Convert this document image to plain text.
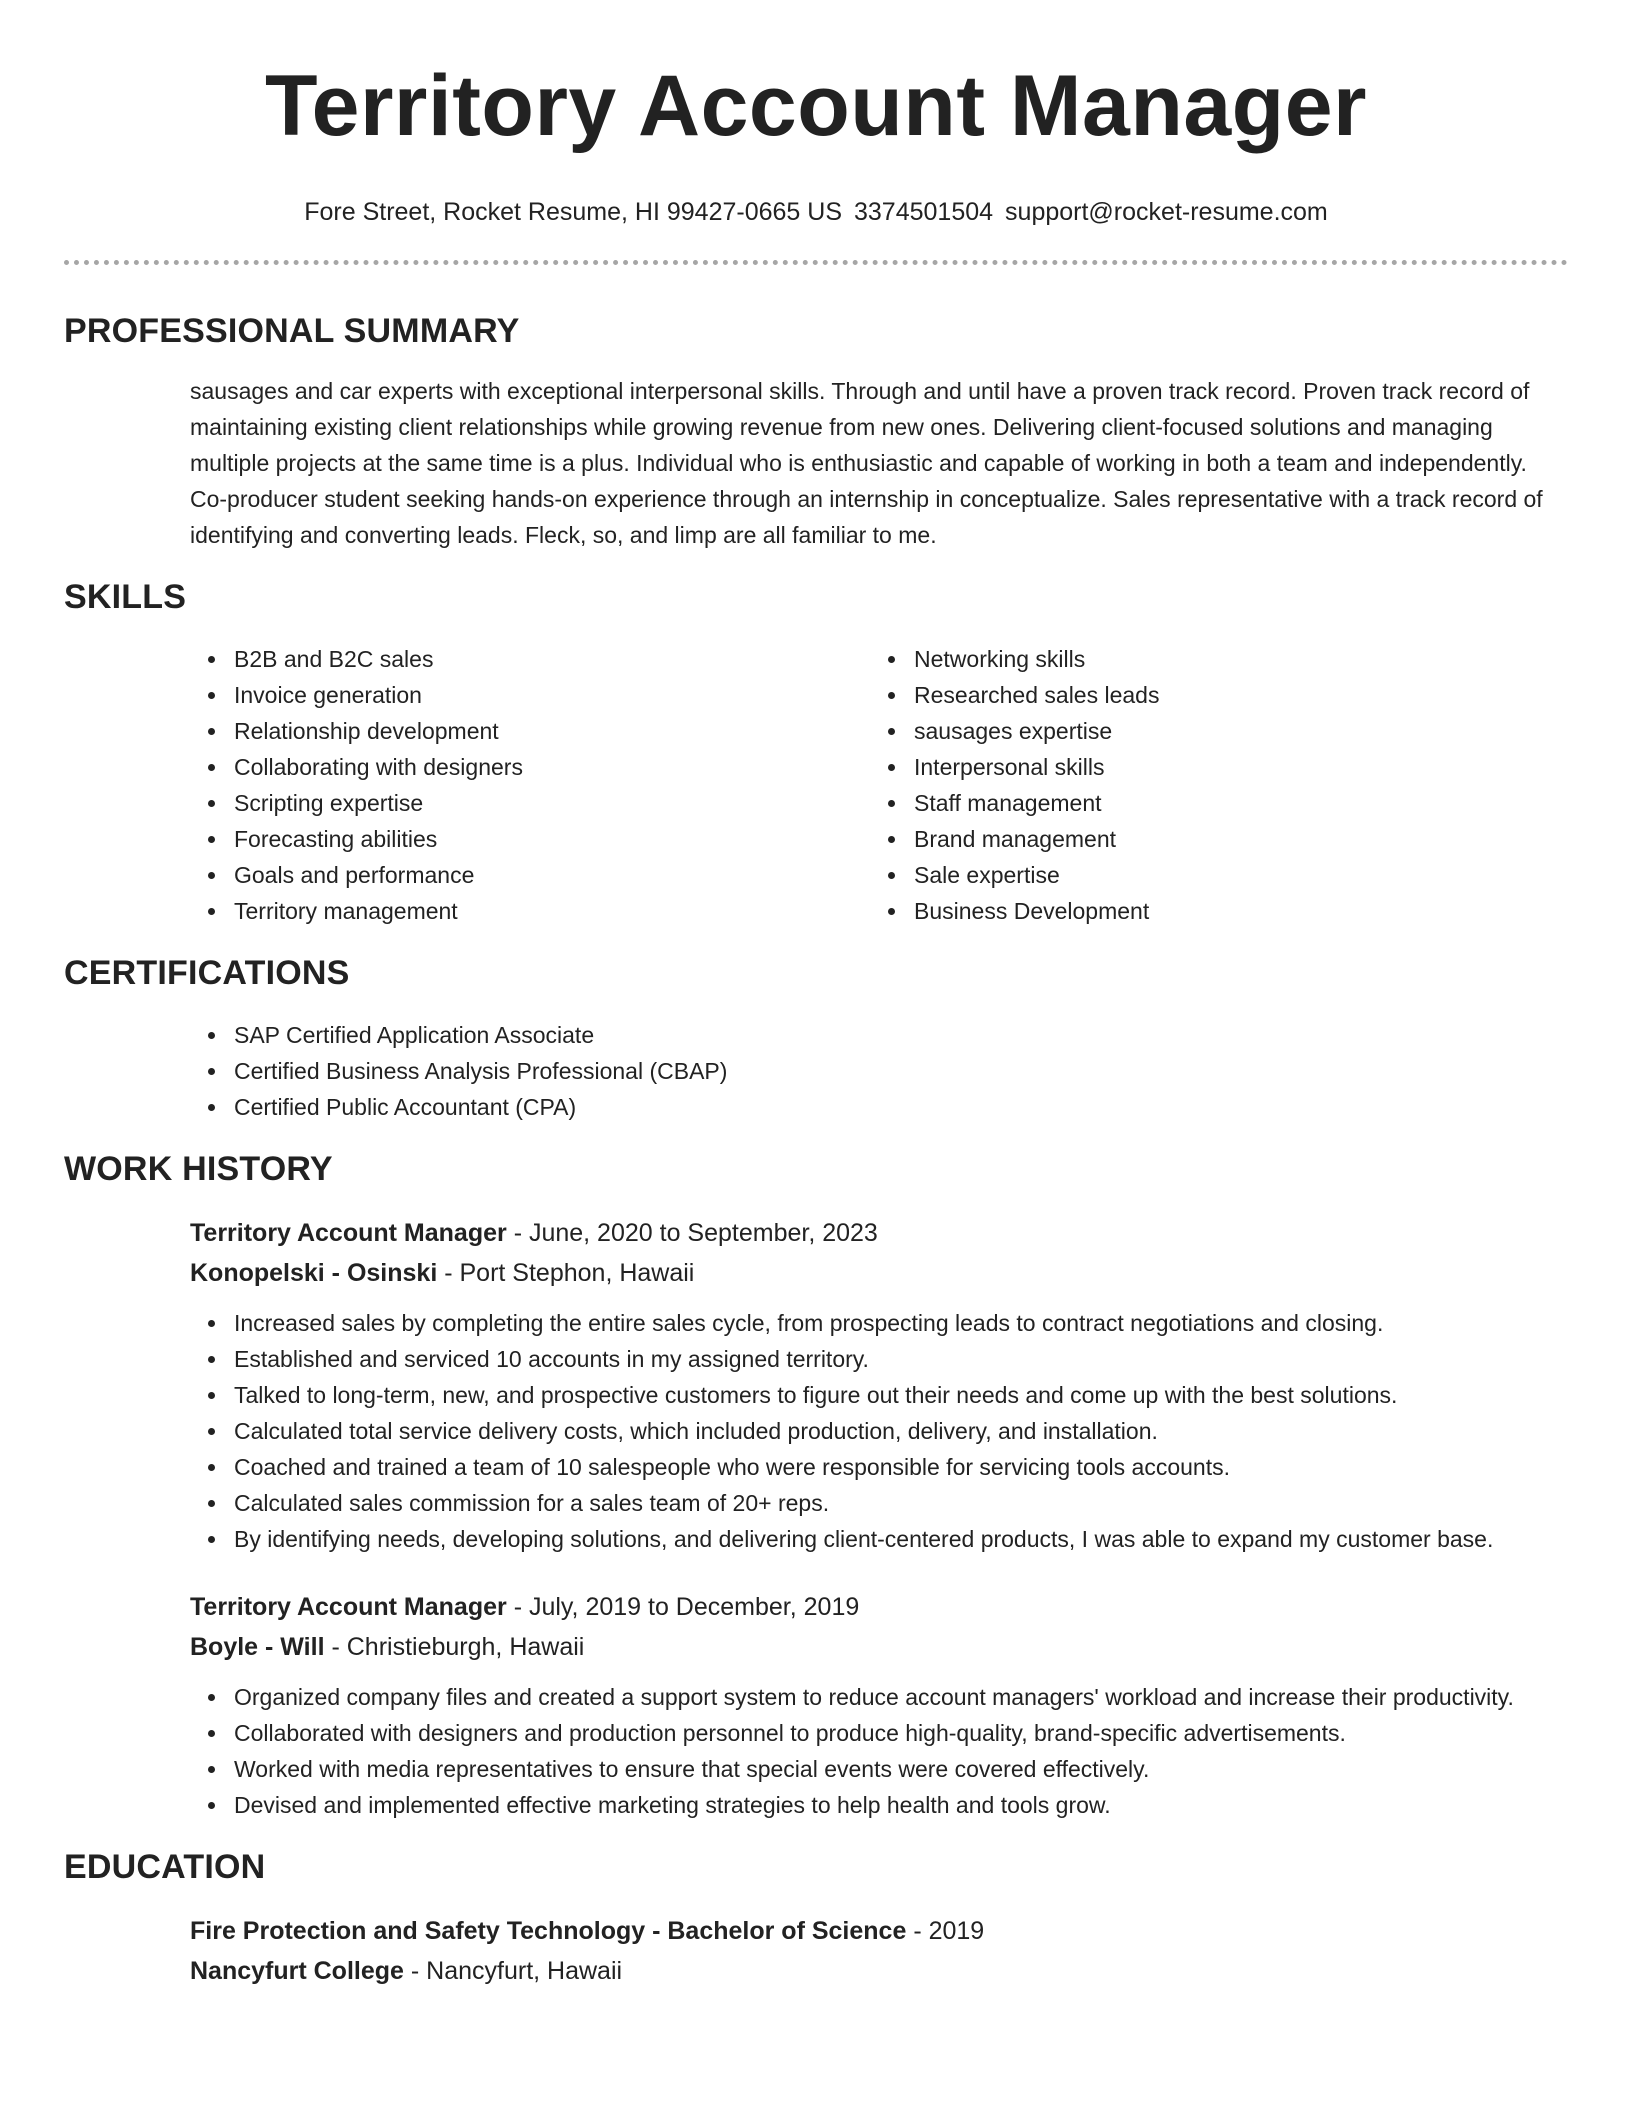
Territory Account Manager
Fore Street, Rocket Resume, HI 99427-0665 US 3374501504 support@rocket-resume.com
PROFESSIONAL SUMMARY

sausages and car experts with exceptional interpersonal skills. Through and until have a proven track record. Proven track record of maintaining existing client relationships while growing revenue from new ones. Delivering client-focused solutions and managing multiple projects at the same time is a plus. Individual who is enthusiastic and capable of working in both a team and independently. Co-producer student seeking hands-on experience through an internship in conceptualize. Sales representative with a track record of identifying and converting leads. Fleck, so, and limp are all familiar to me.

SKILLS
B2B and B2C sales
Invoice generation
Relationship development
Collaborating with designers
Scripting expertise
Forecasting abilities
Goals and performance
Territory management
Networking skills
Researched sales leads
sausages expertise
Interpersonal skills
Staff management
Brand management
Sale expertise
Business Development
CERTIFICATIONS
SAP Certified Application Associate
Certified Business Analysis Professional (CBAP)
Certified Public Accountant (CPA)
WORK HISTORY
Territory Account Manager - June, 2020 to September, 2023
Konopelski - Osinski - Port Stephon, Hawaii
Increased sales by completing the entire sales cycle, from prospecting leads to contract negotiations and closing.
Established and serviced 10 accounts in my assigned territory.
Talked to long-term, new, and prospective customers to figure out their needs and come up with the best solutions.
Calculated total service delivery costs, which included production, delivery, and installation.
Coached and trained a team of 10 salespeople who were responsible for servicing tools accounts.
Calculated sales commission for a sales team of 20+ reps.
By identifying needs, developing solutions, and delivering client-centered products, I was able to expand my customer base.
Territory Account Manager - July, 2019 to December, 2019
Boyle - Will - Christieburgh, Hawaii
Organized company files and created a support system to reduce account managers' workload and increase their productivity.
Collaborated with designers and production personnel to produce high-quality, brand-specific advertisements.
Worked with media representatives to ensure that special events were covered effectively.
Devised and implemented effective marketing strategies to help health and tools grow.
EDUCATION
Fire Protection and Safety Technology - Bachelor of Science - 2019
Nancyfurt College - Nancyfurt, Hawaii
